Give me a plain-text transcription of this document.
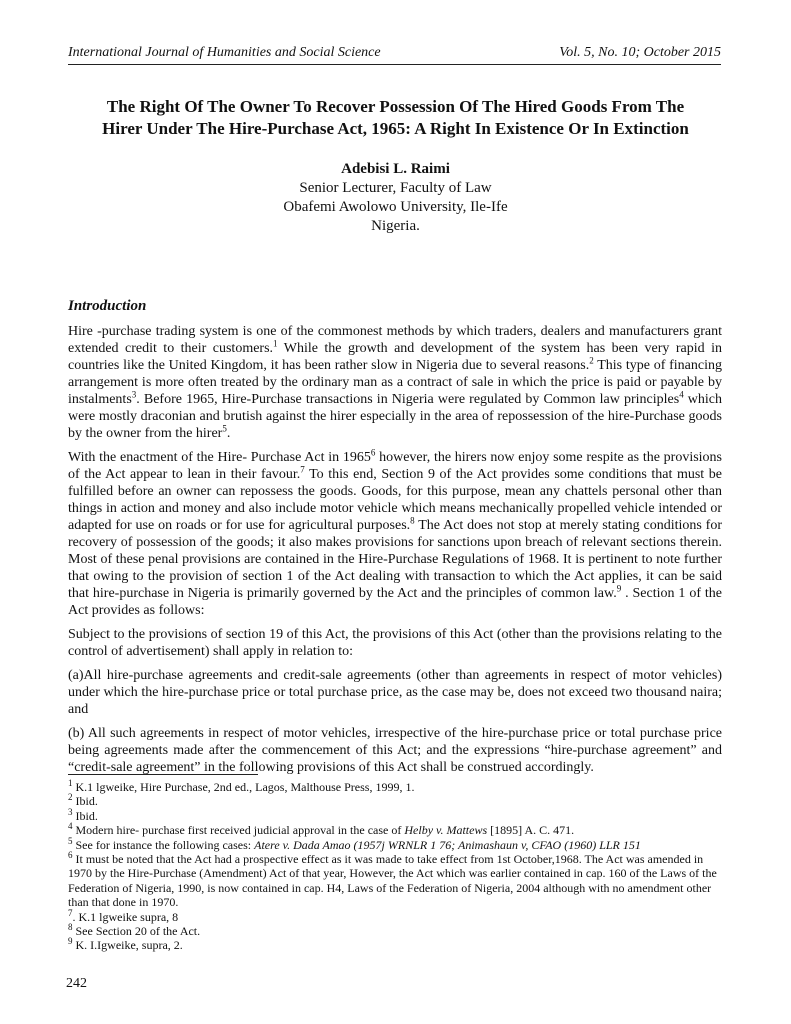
International Journal of Humanities and Social Science	Vol. 5, No. 10; October 2015
The Right Of The Owner To Recover Possession Of The Hired Goods From The
Hirer Under The Hire-Purchase Act, 1965: A Right In Existence Or In Extinction
Adebisi L. Raimi
Senior Lecturer, Faculty of Law
Obafemi Awolowo University, Ile-Ife
Nigeria.
Introduction

Hire -purchase trading system is one of the commonest methods by which traders, dealers and manufacturers grant extended credit to their customers.$^1$ While the growth and development of the system has been very rapid in countries like the United Kingdom, it has been rather slow in Nigeria due to several reasons.$^2$ This type of financing arrangement is more often treated by the ordinary man as a contract of sale in which the price is paid or payable by instalments$^3$. Before 1965, Hire-Purchase transactions in Nigeria were regulated by Common law principles$^4$ which were mostly draconian and brutish against the hirer especially in the area of repossession of the hire-Purchase goods by the owner from the hirer$^5$.

With the enactment of the Hire- Purchase Act in 1965$^6$ however, the hirers now enjoy some respite as the provisions of the Act appear to lean in their favour.$^7$ To this end, Section 9 of the Act provides some conditions that must be fulfilled before an owner can repossess the goods. Goods, for this purpose, mean any chattels personal other than things in action and money and also include motor vehicle which means mechanically propelled vehicle intended or adapted for use on roads or for use for agricultural purposes.$^8$ The Act does not stop at merely stating conditions for recovery of possession of the goods; it also makes provisions for sanctions upon breach of relevant sections therein. Most of these penal provisions are contained in the Hire-Purchase Regulations of 1968. It is pertinent to note further that owing to the provision of section 1 of the Act dealing with transaction to which the Act applies, it can be said that hire-purchase in Nigeria is primarily governed by the Act and the principles of common law.$^9$ . Section 1 of the Act provides as follows:

Subject to the provisions of section 19 of this Act, the provisions of this Act (other than the provisions relating to the control of advertisement) shall apply in relation to:

(a)All hire-purchase agreements and credit-sale agreements (other than agreements in respect of motor vehicles) under which the hire-purchase price or total purchase price, as the case may be, does not exceed two thousand naira; and

(b) All such agreements in respect of motor vehicles, irrespective of the hire-purchase price or total purchase price being agreements made after the commencement of this Act; and the expressions “hire-purchase agreement” and “credit-sale agreement” in the following provisions of this Act shall be construed accordingly.

$^1$ K.1 lgweike, Hire Purchase, 2nd ed., Lagos, Malthouse Press, 1999, 1.
$^2$ Ibid.
$^3$ Ibid.
$^4$ Modern hire- purchase first received judicial approval in the case of Helby v. Mattews [1895] A. C. 471.
$^5$ See for instance the following cases: Atere v. Dada Amao (1957j WRNLR 1 76; Animashaun v, CFAO (1960) LLR 151
$^6$ It must be noted that the Act had a prospective effect as it was made to take effect from 1st October,1968. The Act was amended in 1970 by the Hire-Purchase (Amendment) Act of that year, However, the Act which was earlier contained in cap. 160 of the Laws of the Federation of Nigeria, 1990, is now contained in cap. H4, Laws of the Federation of Nigeria, 2004 although with no amendment other than that done in 1970.
$^7$. K.1 lgweike supra, 8
$^8$ See Section 20 of the Act.
$^9$ K. I.Igweike, supra, 2.
242
